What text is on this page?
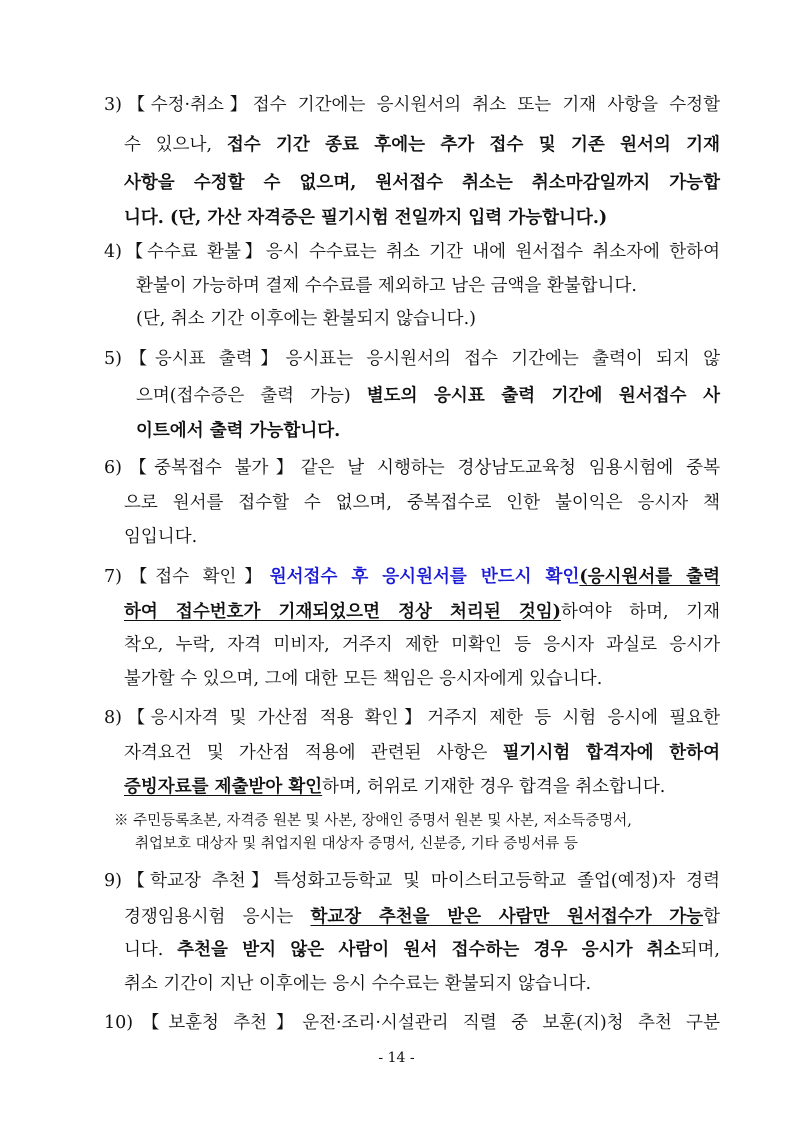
3)【수정·취소】접수 기간에는 응시원서의 취소 또는 기재 사항을 수정할
수 있으나, 접수 기간 종료 후에는 추가 접수 및 기존 원서의 기재
사항을 수정할 수 없으며, 원서접수 취소는 취소마감일까지 가능합
니다. (단, 가산 자격증은 필기시험 전일까지 입력 가능합니다.)
4)【수수료 환불】응시 수수료는 취소 기간 내에 원서접수 취소자에 한하여
환불이 가능하며 결제 수수료를 제외하고 남은 금액을 환불합니다.
(단, 취소 기간 이후에는 환불되지 않습니다.)
5)【응시표 출력】응시표는 응시원서의 접수 기간에는 출력이 되지 않
으며(접수증은 출력 가능) 별도의 응시표 출력 기간에 원서접수 사
이트에서 출력 가능합니다.
6)【중복접수 불가】같은 날 시행하는 경상남도교육청 임용시험에 중복
으로 원서를 접수할 수 없으며, 중복접수로 인한 불이익은 응시자 책
임입니다.
7)【접수 확인】원서접수 후 응시원서를 반드시 확인(응시원서를 출력
하여 접수번호가 기재되었으면 정상 처리된 것임)하여야 하며, 기재
착오, 누락, 자격 미비자, 거주지 제한 미확인 등 응시자 과실로 응시가
불가할 수 있으며, 그에 대한 모든 책임은 응시자에게 있습니다.
8)【응시자격 및 가산점 적용 확인】거주지 제한 등 시험 응시에 필요한
자격요건 및 가산점 적용에 관련된 사항은 필기시험 합격자에 한하여
증빙자료를 제출받아 확인하며, 허위로 기재한 경우 합격을 취소합니다.
※ 주민등록초본, 자격증 원본 및 사본, 장애인 증명서 원본 및 사본, 저소득증명서,
취업보호 대상자 및 취업지원 대상자 증명서, 신분증, 기타 증빙서류 등
9)【학교장 추천】특성화고등학교 및 마이스터고등학교 졸업(예정)자 경력
경쟁임용시험 응시는 학교장 추천을 받은 사람만 원서접수가 가능합
니다. 추천을 받지 않은 사람이 원서 접수하는 경우 응시가 취소되며,
취소 기간이 지난 이후에는 응시 수수료는 환불되지 않습니다.
10)【보훈청 추천】운전·조리·시설관리 직렬 중 보훈(지)청 추천 구분
- 14 -
